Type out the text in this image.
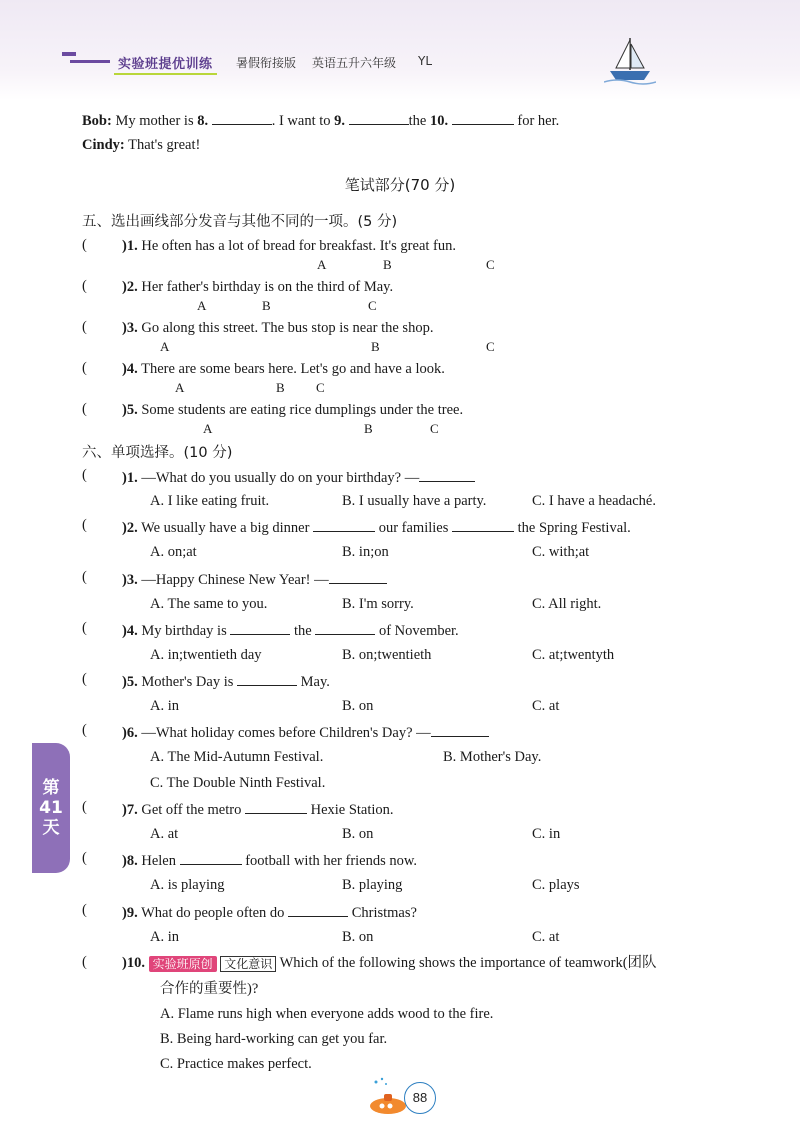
实验班提优训练	暑假衔接版 英语五升六年级 YL
Bob: My mother is 8.	. I want to 9.	the 10.	for her.
Cindy: That's great!
笔试部分(70 分)
五、选出画线部分发音与其他不同的一项。(5 分)
( )1. He often has a lot of bread for breakfast. It's great fun.
A	B	C
( )2. Her father's birthday is on the third of May.
A	B	C
( )3. Go along this street. The bus stop is near the shop.
A	B	C
( )4. There are some bears here. Let's go and have a look.
A	B C
( )5. Some students are eating rice dumplings under the tree.
A	B	C
六、单项选择。(10 分)
( )1. —What do you usually do on your birthday? —
A. I like eating fruit.	B. I usually have a party.	C. I have a headaché.
( )2. We usually have a big dinner	our families	the Spring Festival.
A. on;at	B. in;on	C. with;at
( )3. —Happy Chinese New Year! —
A. The same to you.	B. I'm sorry.	C. All right.
( )4. My birthday is	the	of November.
A. in;twentieth day	B. on;twentieth	C. at;twentyth
( )5. Mother's Day is	May.
A. in	B. on	C. at
( )6. —What holiday comes before Children's Day? —
A. The Mid-Autumn Festival.	B. Mother's Day.
C. The Double Ninth Festival.
( )7. Get off the metro	Hexie Station.
A. at	B. on	C. in
( )8. Helen	football with her friends now.
A. is playing	B. playing	C. plays
( )9. What do people often do	Christmas?
A. in	B. on	C. at
( )10. 实验班原创 文化意识 Which of the following shows the importance of teamwork(团队
合作的重要性)?
A. Flame runs high when everyone adds wood to the fire.
B. Being hard-working can get you far.
C. Practice makes perfect.
第
41
天
88
